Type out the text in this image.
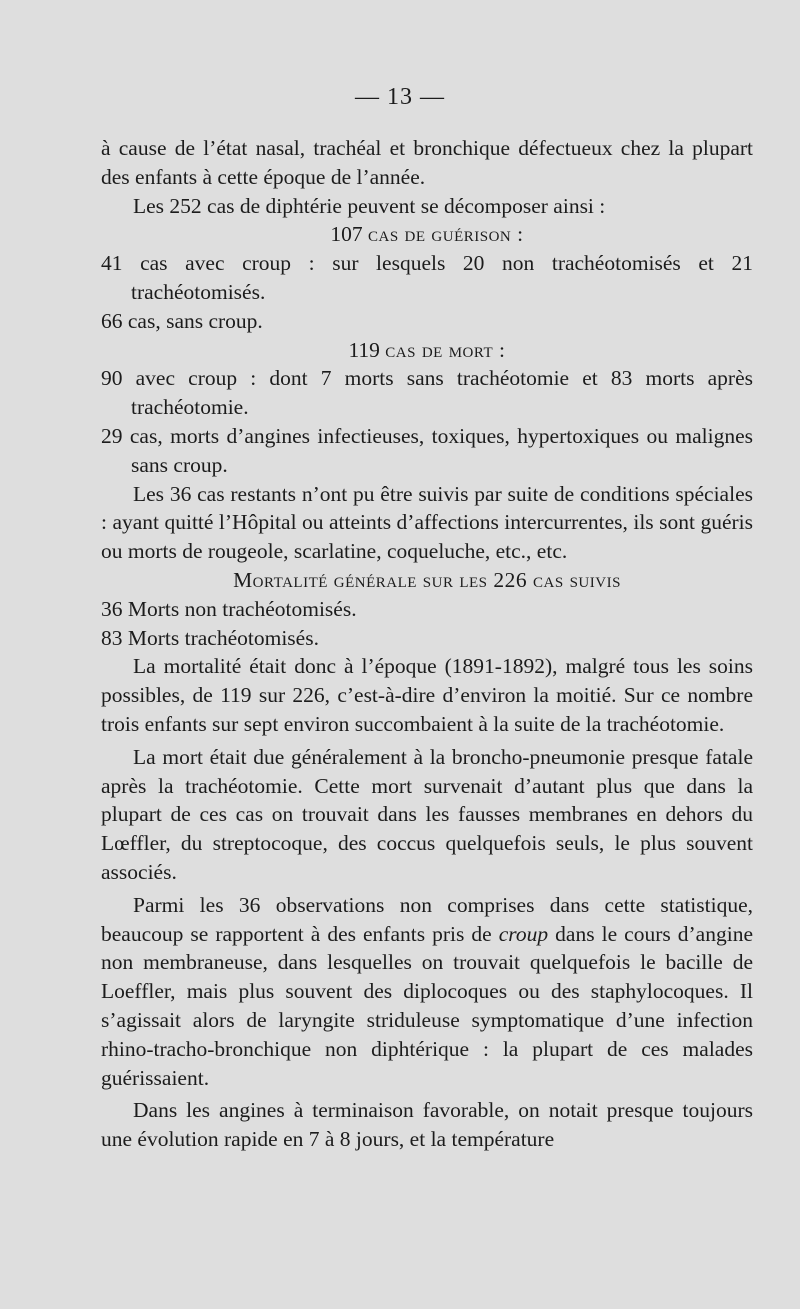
— 13 —

à cause de l’état nasal, trachéal et bronchique défectueux chez la plupart des enfants à cette époque de l’année.

Les 252 cas de diphtérie peuvent se décomposer ainsi :

107 cas de guérison :

41 cas avec croup : sur lesquels 20 non trachéotomisés et 21 trachéotomisés.

66 cas, sans croup.

119 cas de mort :

90 avec croup : dont 7 morts sans trachéotomie et 83 morts après trachéotomie.

29 cas, morts d’angines infectieuses, toxiques, hypertoxiques ou malignes sans croup.

Les 36 cas restants n’ont pu être suivis par suite de conditions spéciales : ayant quitté l’Hôpital ou atteints d’affections intercurrentes, ils sont guéris ou morts de rougeole, scarlatine, coqueluche, etc., etc.

Mortalité générale sur les 226 cas suivis

36 Morts non trachéotomisés.

83 Morts trachéotomisés.

La mortalité était donc à l’époque (1891-1892), malgré tous les soins possibles, de 119 sur 226, c’est-à-dire d’environ la moitié. Sur ce nombre trois enfants sur sept environ succombaient à la suite de la trachéotomie.

La mort était due généralement à la broncho-pneumonie presque fatale après la trachéotomie. Cette mort survenait d’autant plus que dans la plupart de ces cas on trouvait dans les fausses membranes en dehors du Lœffler, du streptocoque, des coccus quelquefois seuls, le plus souvent associés.

Parmi les 36 observations non comprises dans cette statistique, beaucoup se rapportent à des enfants pris de croup dans le cours d’angine non membraneuse, dans lesquelles on trouvait quelquefois le bacille de Loeffler, mais plus souvent des diplocoques ou des staphylocoques. Il s’agissait alors de laryngite striduleuse symptomatique d’une infection rhino-tracho-bronchique non diphtérique : la plupart de ces malades guérissaient.

Dans les angines à terminaison favorable, on notait presque toujours une évolution rapide en 7 à 8 jours, et la température
